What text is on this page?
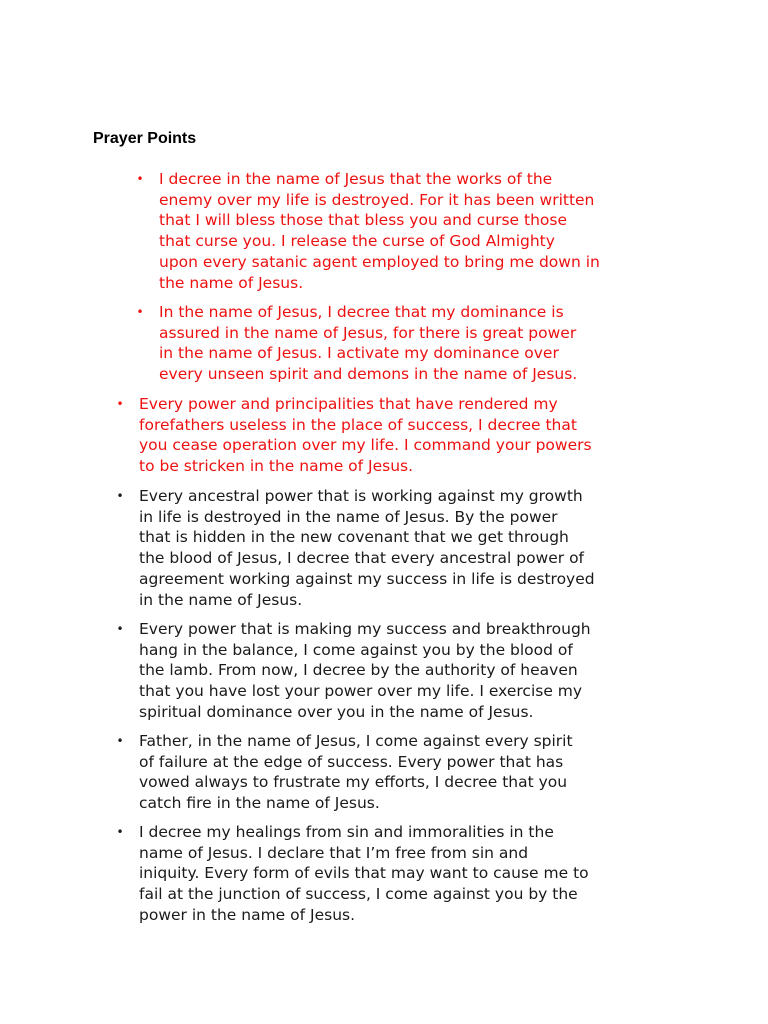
Prayer Points
• I decree in the name of Jesus that the works of the
enemy over my life is destroyed. For it has been written
that I will bless those that bless you and curse those
that curse you. I release the curse of God Almighty
upon every satanic agent employed to bring me down in
the name of Jesus.
• In the name of Jesus, I decree that my dominance is
assured in the name of Jesus, for there is great power
in the name of Jesus. I activate my dominance over
every unseen spirit and demons in the name of Jesus.
• Every power and principalities that have rendered my
forefathers useless in the place of success, I decree that
you cease operation over my life. I command your powers
to be stricken in the name of Jesus.
• Every ancestral power that is working against my growth
in life is destroyed in the name of Jesus. By the power
that is hidden in the new covenant that we get through
the blood of Jesus, I decree that every ancestral power of
agreement working against my success in life is destroyed
in the name of Jesus.
• Every power that is making my success and breakthrough
hang in the balance, I come against you by the blood of
the lamb. From now, I decree by the authority of heaven
that you have lost your power over my life. I exercise my
spiritual dominance over you in the name of Jesus.
• Father, in the name of Jesus, I come against every spirit
of failure at the edge of success. Every power that has
vowed always to frustrate my efforts, I decree that you
catch fire in the name of Jesus.
• I decree my healings from sin and immoralities in the
name of Jesus. I declare that I’m free from sin and
iniquity. Every form of evils that may want to cause me to
fail at the junction of success, I come against you by the
power in the name of Jesus.
